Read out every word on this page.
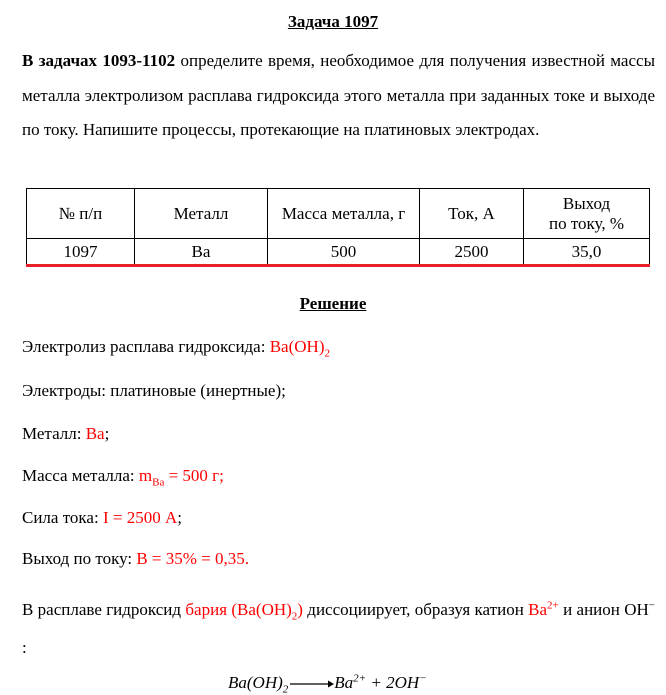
Задача 1097
В задачах 1093-1102 определите время, необходимое для получения известной массы металла электролизом расплава гидроксида этого металла при заданных токе и выходе по току. Напишите процессы, протекающие на платиновых электродах.
№ п/п	Металл	Масса металла, г	Ток, А	Выход
по току, %
1097	Ba	500	2500	35,0
Решение
Электролиз расплава гидроксида: $Ba(OH)_2$
Электроды: платиновые (инертные);
Металл: Ba;
Масса металла: $m_{Ba} = 500$ г;
Сила тока: I = 2500 А;
Выход по току: В = 35% = 0,35.
В расплаве гидроксид бария $(Ba(OH)_2)$ диссоциирует, образуя катион $Ba^{2+}$ и анион OH− :
$Ba(OH)_2\to Ba^{2+} + 2OH^-$
